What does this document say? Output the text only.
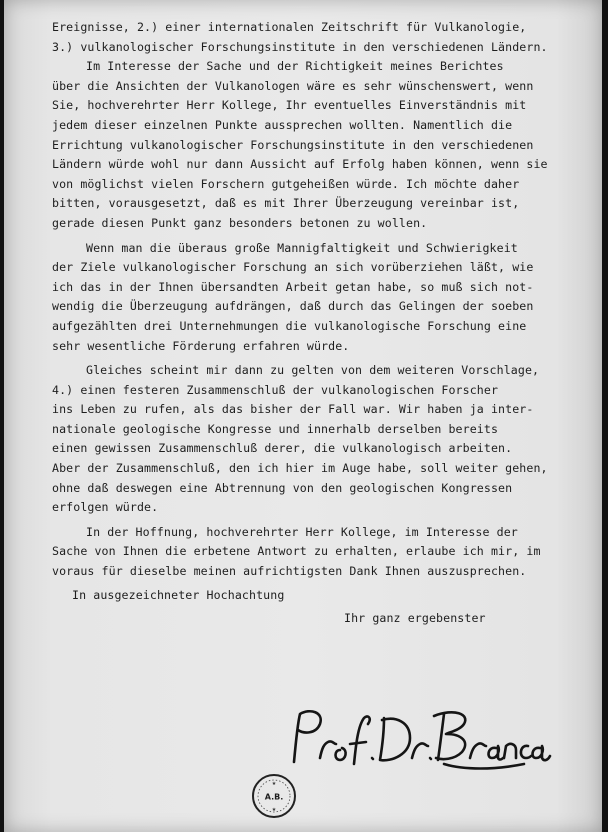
Ereignisse, 2.) einer internationalen Zeitschrift für Vulkanologie,
3.) vulkanologischer Forschungsinstitute in den verschiedenen Ländern.
Im Interesse der Sache und der Richtigkeit meines Berichtes
über die Ansichten der Vulkanologen wäre es sehr wünschenswert, wenn
Sie, hochverehrter Herr Kollege, Ihr eventuelles Einverständnis mit
jedem dieser einzelnen Punkte aussprechen wollten. Namentlich die
Errichtung vulkanologischer Forschungsinstitute in den verschiedenen
Ländern würde wohl nur dann Aussicht auf Erfolg haben können, wenn sie
von möglichst vielen Forschern gutgeheißen würde. Ich möchte daher
bitten, vorausgesetzt, daß es mit Ihrer Überzeugung vereinbar ist,
gerade diesen Punkt ganz besonders betonen zu wollen.
Wenn man die überaus große Mannigfaltigkeit und Schwierigkeit
der Ziele vulkanologischer Forschung an sich vorüberziehen läßt, wie
ich das in der Ihnen übersandten Arbeit getan habe, so muß sich not-
wendig die Überzeugung aufdrängen, daß durch das Gelingen der soeben
aufgezählten drei Unternehmungen die vulkanologische Forschung eine
sehr wesentliche Förderung erfahren würde.
Gleiches scheint mir dann zu gelten von dem weiteren Vorschlage,
4.) einen festeren Zusammenschluß der vulkanologischen Forscher
ins Leben zu rufen, als das bisher der Fall war. Wir haben ja inter-
nationale geologische Kongresse und innerhalb derselben bereits
einen gewissen Zusammenschluß derer, die vulkanologisch arbeiten.
Aber der Zusammenschluß, den ich hier im Auge habe, soll weiter gehen,
ohne daß deswegen eine Abtrennung von den geologischen Kongressen
erfolgen würde.
In der Hoffnung, hochverehrter Herr Kollege, im Interesse der
Sache von Ihnen die erbetene Antwort zu erhalten, erlaube ich mir, im
voraus für dieselbe meinen aufrichtigsten Dank Ihnen auszusprechen.
In ausgezeichneter Hochachtung
Ihr ganz ergebenster
A.B.
★
★
